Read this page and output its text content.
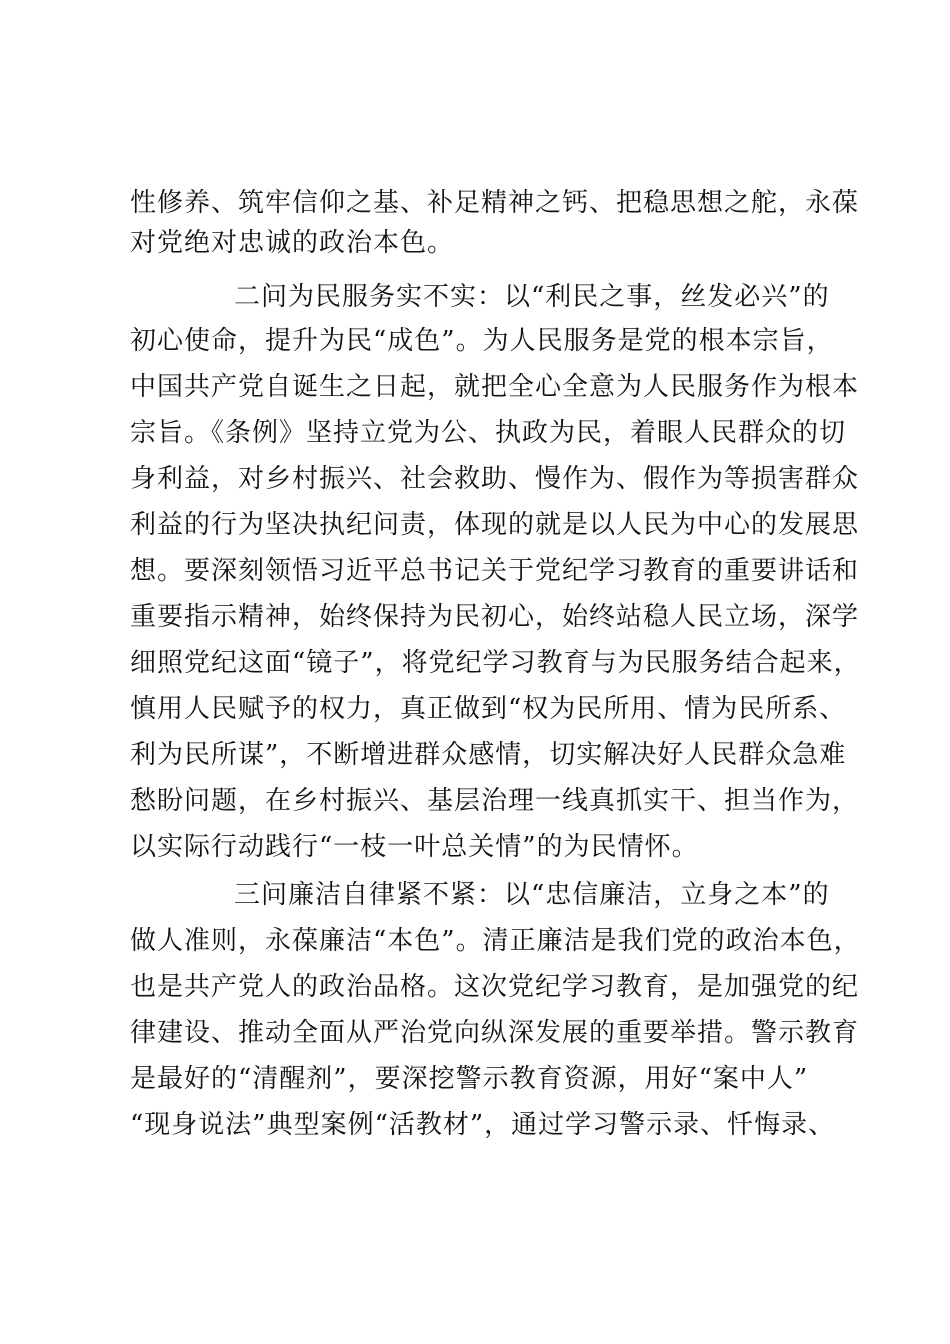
性修养、筑牢信仰之基、补足精神之钙、把稳思想之舵，永葆
对党绝对忠诚的政治本色。
二问为民服务实不实：以“利民之事，丝发必兴”的
初心使命，提升为民“成色”。为人民服务是党的根本宗旨，
中国共产党自诞生之日起，就把全心全意为人民服务作为根本
宗旨。《条例》坚持立党为公、执政为民，着眼人民群众的切
身利益，对乡村振兴、社会救助、慢作为、假作为等损害群众
利益的行为坚决执纪问责，体现的就是以人民为中心的发展思
想。要深刻领悟习近平总书记关于党纪学习教育的重要讲话和
重要指示精神，始终保持为民初心，始终站稳人民立场，深学
细照党纪这面“镜子”，将党纪学习教育与为民服务结合起来，
慎用人民赋予的权力，真正做到“权为民所用、情为民所系、
利为民所谋”，不断增进群众感情，切实解决好人民群众急难
愁盼问题，在乡村振兴、基层治理一线真抓实干、担当作为，
以实际行动践行“一枝一叶总关情”的为民情怀。
三问廉洁自律紧不紧：以“忠信廉洁，立身之本”的
做人准则，永葆廉洁“本色”。清正廉洁是我们党的政治本色，
也是共产党人的政治品格。这次党纪学习教育，是加强党的纪
律建设、推动全面从严治党向纵深发展的重要举措。警示教育
是最好的“清醒剂”，要深挖警示教育资源，用好“案中人”
“现身说法”典型案例“活教材”，通过学习警示录、忏悔录、
